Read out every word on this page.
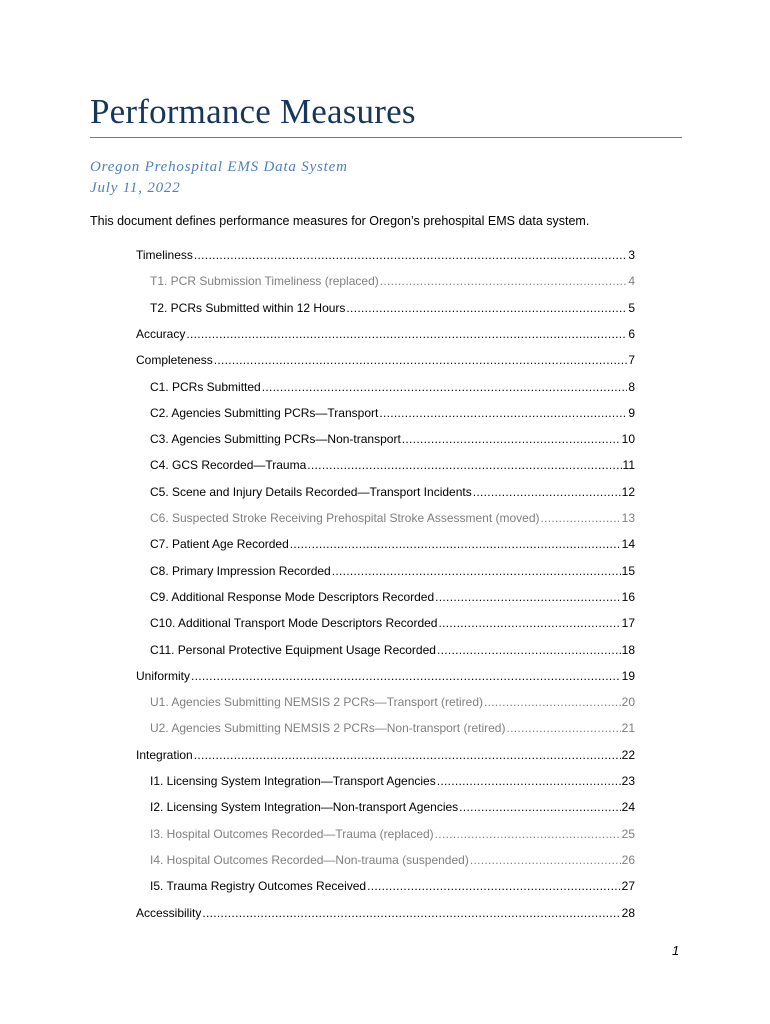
Performance Measures

Oregon Prehospital EMS Data System

July 11, 2022

This document defines performance measures for Oregon’s prehospital EMS data system.

Timeliness .....	3
T1. PCR Submission Timeliness (replaced) .....	4
T2. PCRs Submitted within 12 Hours .....	5
Accuracy .....	6
Completeness .....	7
C1. PCRs Submitted .....	8
C2. Agencies Submitting PCRs—Transport .....	9
C3. Agencies Submitting PCRs—Non-transport .....	10
C4. GCS Recorded—Trauma .....	11
C5. Scene and Injury Details Recorded—Transport Incidents .....	12
C6. Suspected Stroke Receiving Prehospital Stroke Assessment (moved) .....	13
C7. Patient Age Recorded .....	14
C8. Primary Impression Recorded .....	15
C9. Additional Response Mode Descriptors Recorded .....	16
C10. Additional Transport Mode Descriptors Recorded .....	17
C11. Personal Protective Equipment Usage Recorded .....	18
Uniformity .....	19
U1. Agencies Submitting NEMSIS 2 PCRs—Transport (retired) .....	20
U2. Agencies Submitting NEMSIS 2 PCRs—Non-transport (retired) .....	21
Integration .....	22
I1. Licensing System Integration—Transport Agencies .....	23
I2. Licensing System Integration—Non-transport Agencies .....	24
I3. Hospital Outcomes Recorded—Trauma (replaced) .....	25
I4. Hospital Outcomes Recorded—Non-trauma (suspended) .....	26
I5. Trauma Registry Outcomes Received .....	27
Accessibility .....	28

1
